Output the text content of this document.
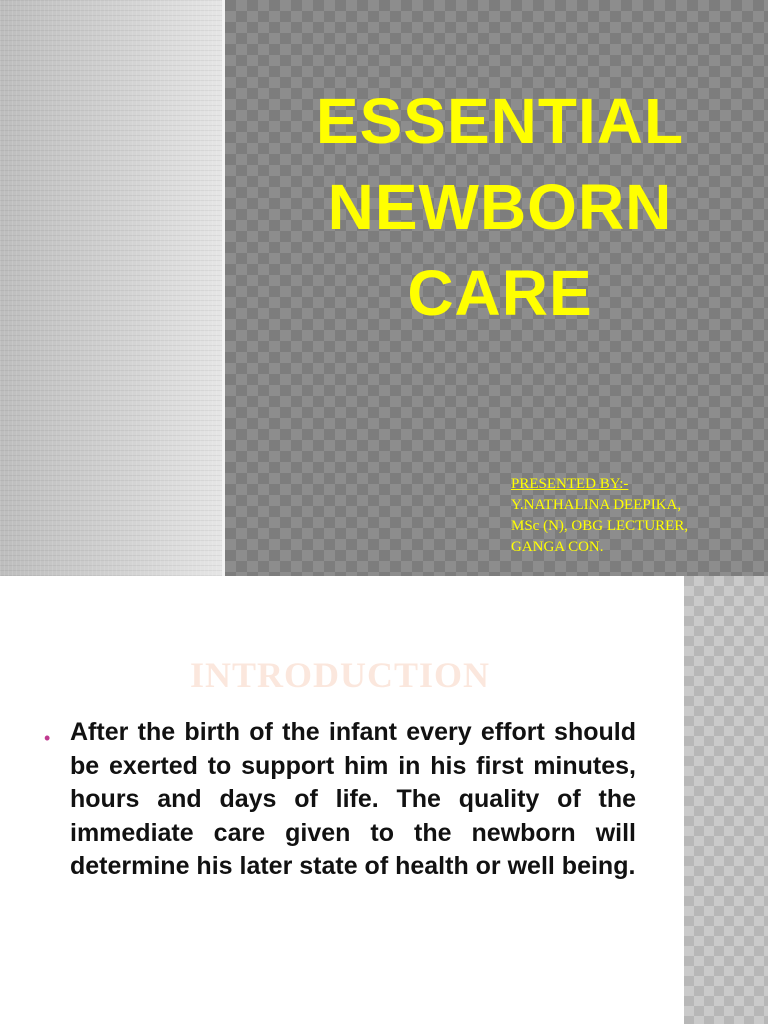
ESSENTIAL
NEWBORN
CARE
PRESENTED BY:-
Y.NATHALINA DEEPIKA,
MSc (N), OBG LECTURER,
GANGA CON.
INTRODUCTION
• After the birth of the infant every effort should be exerted to support him in his first minutes, hours and days of life. The quality of the immediate care given to the newborn will determine his later state of health or well being.
